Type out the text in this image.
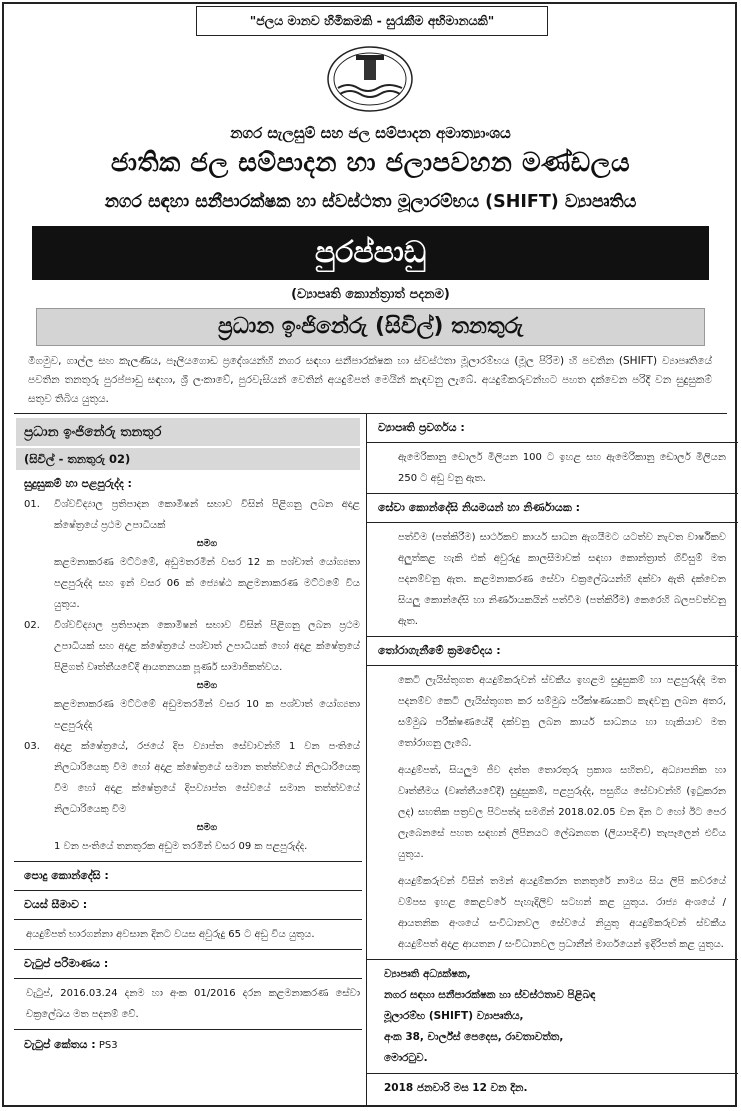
"ජලය මානව හිමිකමකි - සුරැකීම අභිමානයකි"
නගර සැලසුම් සහ ජල සම්පාදන අමාත්‍යාංශය
ජාතික ජල සම්පාදන හා ජලාපවහන මණ්ඩලය
නගර සඳහා සනීපාරක්ෂක හා ස්වස්ථතා මූලාරම්භය (SHIFT) ව්‍යාපෘතිය
පුරප්පාඩු
(ව්‍යාපෘති කොන්ත්‍රාත් පදනම)
ප්‍රධාන ඉංජිනේරු (සිවිල්) තනතුරු
මීගමුව, ගාල්ල සහ කැලණිය, පෑලියගොඩ ප්‍රදේශයන්හි නගර සඳහා සනීපාරක්ෂක හා ස්වස්ථතා මූලාරම්භය (මූල පිරිම) හි පවතින (SHIFT) ව්‍යාපෘතියේ පවතින තනතුරු පුරප්පාඩු සඳහා, ශ්‍රී ලංකාවේ, පුරවැසියන් වෙතින් අයදුම්පත් මෙයින් කැඳවනු ලැබේ. අයදුම්කරුවන්හට පහත දක්වෙන පරිදි වන සුදුසුකම් සතුව තිබිය යුතුය.
ප්‍රධාන ඉංජිනේරු තනතුර
(සිවිල් - තනතුරු 02)
සුදුසුකම් හා පළපුරුද්ද :
01.	විශ්වවිද්‍යාල ප්‍රතිපාදන කොමිෂන් සභාව විසින් පිළිගනු ලබන අදාළ ක්ෂේත්‍රයේ ප්‍රථම උපාධියක්
සමග
කළමනාකරණ මට්ටමේ, අඩුමතරමින් වසර 12 ක පශ්චාත් යෝග්‍යතා පළපුරුද්ද සහ ඉන් වසර 06 ක් ජ්‍යෙෂ්ඨ කළමනාකරණ මට්ටමේ විය යුතුය.
02.	විශ්වවිද්‍යාල ප්‍රතිපාදන කොමිෂන් සභාව විසින් පිළිගනු ලබන ප්‍රථම උපාධියක් සහ අදාළ ක්ෂේත්‍රයේ පශ්චාත් උපාධියක් හෝ අදාළ ක්ෂේත්‍රයේ පිළිගත් වෘත්තීයවේදී ආයතනයක පූර්ණ සාමාජිකත්වය.
සමග
කළමනාකරණ මට්ටමේ අඩුමතරමින් වසර 10 ක පශ්චාත් යෝග්‍යතා පළපුරුද්ද
03.	අදාළ ක්ෂේත්‍රයේ, රජයේ දිප ව්‍යාප්ත සේවාවන්හි 1 වන පංතියේ නිලධාරියෙකු විම හෝ අදාළ ක්ෂේත්‍රයේ සමාන තත්ත්වයේ නිලධාරියෙකු විම හෝ අදාළ ක්ෂේත්‍රයේ දිපව්‍යාප්ත සේවයේ සමාන තත්ත්වයේ නිලධාරියෙකු විම
සමග
1 වන පංතියේ තනතුරක අඩුම තරමින් වසර 09 ක පළපුරුද්ද.
පොදු කොන්දේසි :
වයස් සීමාව :
අයදුම්පත් භාරගන්නා අවසාන දිනට වයස අවුරුදු 65 ට අඩු විය යුතුය.
වැටුප් පරිමාණය :
වැටුප්, 2016.03.24 දනම හා අංක 01/2016 දරන කළමනාකරණ සේවා චක්‍රලේඛය මත පදනම් වේ.
වැටුප් කේතය : PS3
ව්‍යාපෘති ප්‍රවර්ගය :
ඇමෙරිකානු ඩොලර් මිලියන 100 ට ඉහළ සහ ඇමෙරිකානු ඩොලර් මිලියන 250 ට අඩු වනු ඇත.
සේවා කොන්දේසි නියමයන් හා නිර්ණායක :
පත්වීම (පත්කිරීම) සාර්ථකව කාර්ය සාධන ඇගයීමට යටත්ව නැවත වාර්ෂිකව අලුත්කළ හැකි එක් අවුරුදු කාලසීමාවක් සඳහා කොන්ත්‍රාත් ගිවිසුම් මත පදනම්වනු ඇත. කළමනාකරණ සේවා චක්‍රලේඛයන්හි දක්වා ඇති දක්වෙන සියලු කොන්දේසි හා නිර්ණායකයින් පත්වීම (පත්කිරීම) කෙරෙහි බලපවත්වනු ඇත.
තෝරාගැනීමේ ක්‍රමවේදය :
කෙටි ලැයිස්තුගත අයදුම්කරුවන් ස්වකීය ඉහළම සුදුසුකම් හා පළපුරුද්ද මත පදනම්ව කෙටි ලැයිස්තුගත කර සම්මුඛ පරීක්ෂණයකට කැඳවනු ලබන අතර, සම්මුඛ පරීක්ෂණයේදී දක්වනු ලබන කාර්ය සාධනය හා හැකියාව මත තෝරාගනු ලැබේ.
අයදුම්පත්, සියලුම ජීව දත්ත තොරතුරු ප්‍රකාශ සහිතව, අධ්‍යාපනික හා වෘත්තීමය (වෘත්තීයවේදී) සුදුසුකම්, පළපුරුද්ද, පසුගිය සේවාවන්හි (ඉටුකරන ලද) සහතික පත්‍රවල පිටපත්ද සමගින් 2018.02.05 වන දින ට හෝ ඊට පෙර ලැබෙනසේ පහත සඳහන් ලිපිනයට ලේඛනගත (ලියාපදිංචි) තැපෑලෙන් එවිය යුතුය.
අයදුම්කරුවන් විසින් තමන් අයදුම්කරන තනතුරේ නාමය සිය ලිපි කවරයේ වම්පස ඉහළ කෙළවරේ පැහැදිලිව සටහන් කළ යුතුය. රාජ්‍ය අංශයේ / ආයතනික අංශයේ සංවිධානවල සේවයේ නියුතු අයදුම්කරුවන් ස්වකීය අයදුම්පත් අදාළ ආයතන / සංවිධානවල ප්‍රධානීන් මාර්ගයෙන් ඉදිරිපත් කළ යුතුය.
ව්‍යාපෘති අධ්‍යක්ෂක,
නගර සඳහා සනීපාරක්ෂක හා ස්වස්ථතාව පිළිබඳ
මූලාරම්භ (SHIFT) ව්‍යාපෘතිය,
අංක 38, චාර්ල්ස් පෙදෙස, රාවතාවත්ත,
මොරටුව.
2018 ජනවාරි මස 12 වන දින.
